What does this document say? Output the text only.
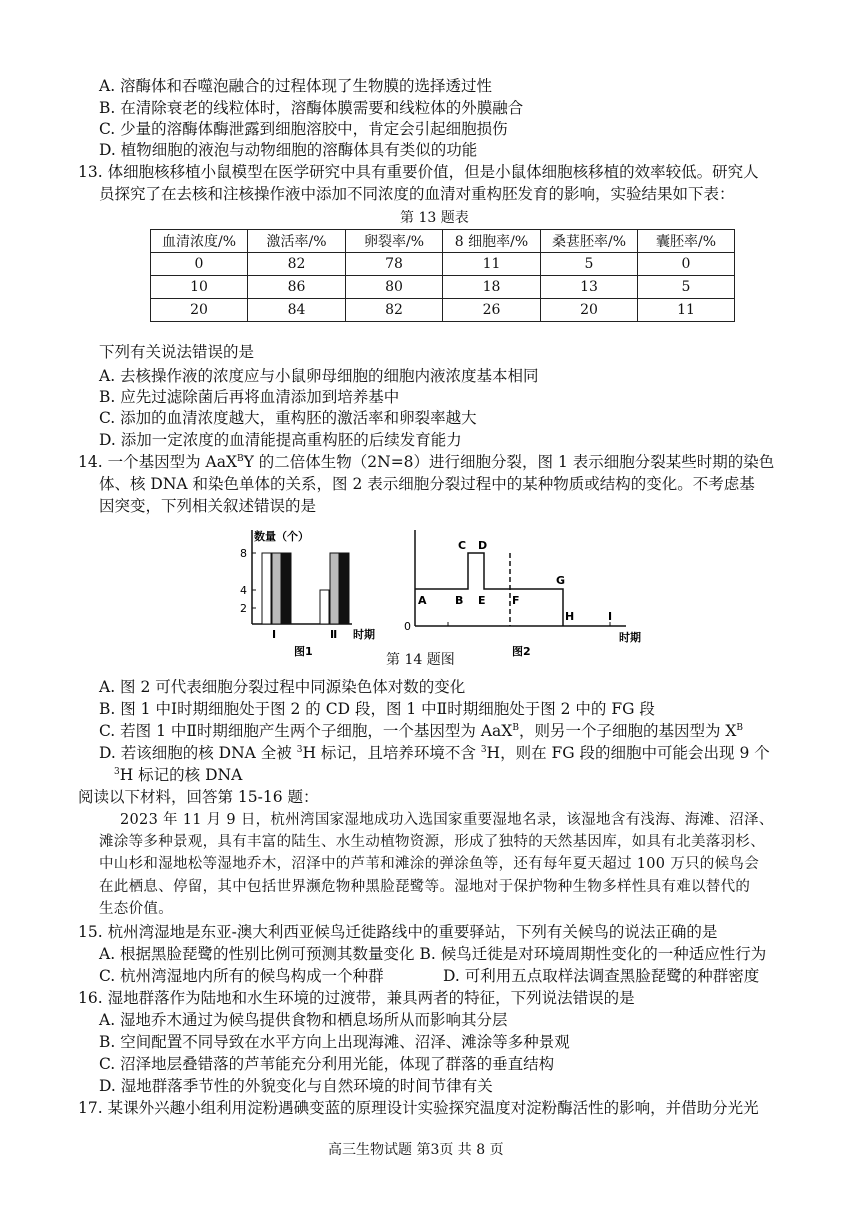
A. 溶酶体和吞噬泡融合的过程体现了生物膜的选择透过性
B. 在清除衰老的线粒体时，溶酶体膜需要和线粒体的外膜融合
C. 少量的溶酶体酶泄露到细胞溶胶中，肯定会引起细胞损伤
D. 植物细胞的液泡与动物细胞的溶酶体具有类似的功能
13. 体细胞核移植小鼠模型在医学研究中具有重要价值，但是小鼠体细胞核移植的效率较低。研究人
员探究了在去核和注核操作液中添加不同浓度的血清对重构胚发育的影响，实验结果如下表：
第 13 题表
血清浓度/%	激活率/%	卵裂率/%	8 细胞率/%	桑葚胚率/%	囊胚率/%
0	82	78	11	5	0
10	86	80	18	13	5
20	84	82	26	20	11
下列有关说法错误的是
A. 去核操作液的浓度应与小鼠卵母细胞的细胞内液浓度基本相同
B. 应先过滤除菌后再将血清添加到培养基中
C. 添加的血清浓度越大，重构胚的激活率和卵裂率越大
D. 添加一定浓度的血清能提高重构胚的后续发育能力
14. 一个基因型为 AaX$^B$Y 的二倍体生物（2N=8）进行细胞分裂，图 1 表示细胞分裂某些时期的染色
体、核 DNA 和染色单体的关系，图 2 表示细胞分裂过程中的某种物质或结构的变化。不考虑基
因突变，下列相关叙述错误的是
数量（个）
8
4
2
Ⅰ	Ⅱ 时期
图1
0
A	B
C D
E F
G
H	I
时期
图2
第 14 题图
A. 图 2 可代表细胞分裂过程中同源染色体对数的变化
B. 图 1 中Ⅰ时期细胞处于图 2 的 CD 段，图 1 中Ⅱ时期细胞处于图 2 中的 FG 段
C. 若图 1 中Ⅱ时期细胞产生两个子细胞，一个基因型为 AaX$^B$，则另一个子细胞的基因型为 $X^B$
D. 若该细胞的核 DNA 全被 $^3$H 标记，且培养环境不含 $^3$H，则在 FG 段的细胞中可能会出现 9 个
$^3$H 标记的核 DNA
阅读以下材料，回答第 15-16 题：
2023 年 11 月 9 日，杭州湾国家湿地成功入选国家重要湿地名录，该湿地含有浅海、海滩、沼泽、
滩涂等多种景观，具有丰富的陆生、水生动植物资源，形成了独特的天然基因库，如具有北美落羽杉、
中山杉和湿地松等湿地乔木，沼泽中的芦苇和滩涂的弹涂鱼等，还有每年夏天超过 100 万只的候鸟会
在此栖息、停留，其中包括世界濒危物种黑脸琵鹭等。湿地对于保护物种生物多样性具有难以替代的
生态价值。
15. 杭州湾湿地是东亚-澳大利西亚候鸟迁徙路线中的重要驿站，下列有关候鸟的说法正确的是
A. 根据黑脸琵鹭的性别比例可预测其数量变化 B. 候鸟迁徙是对环境周期性变化的一种适应性行为
C. 杭州湾湿地内所有的候鸟构成一个种群	D. 可利用五点取样法调查黑脸琵鹭的种群密度
16. 湿地群落作为陆地和水生环境的过渡带，兼具两者的特征，下列说法错误的是
A. 湿地乔木通过为候鸟提供食物和栖息场所从而影响其分层
B. 空间配置不同导致在水平方向上出现海滩、沼泽、滩涂等多种景观
C. 沼泽地层叠错落的芦苇能充分利用光能，体现了群落的垂直结构
D. 湿地群落季节性的外貌变化与自然环境的时间节律有关
17. 某课外兴趣小组利用淀粉遇碘变蓝的原理设计实验探究温度对淀粉酶活性的影响，并借助分光光
高三生物试题 第3页 共 8 页
